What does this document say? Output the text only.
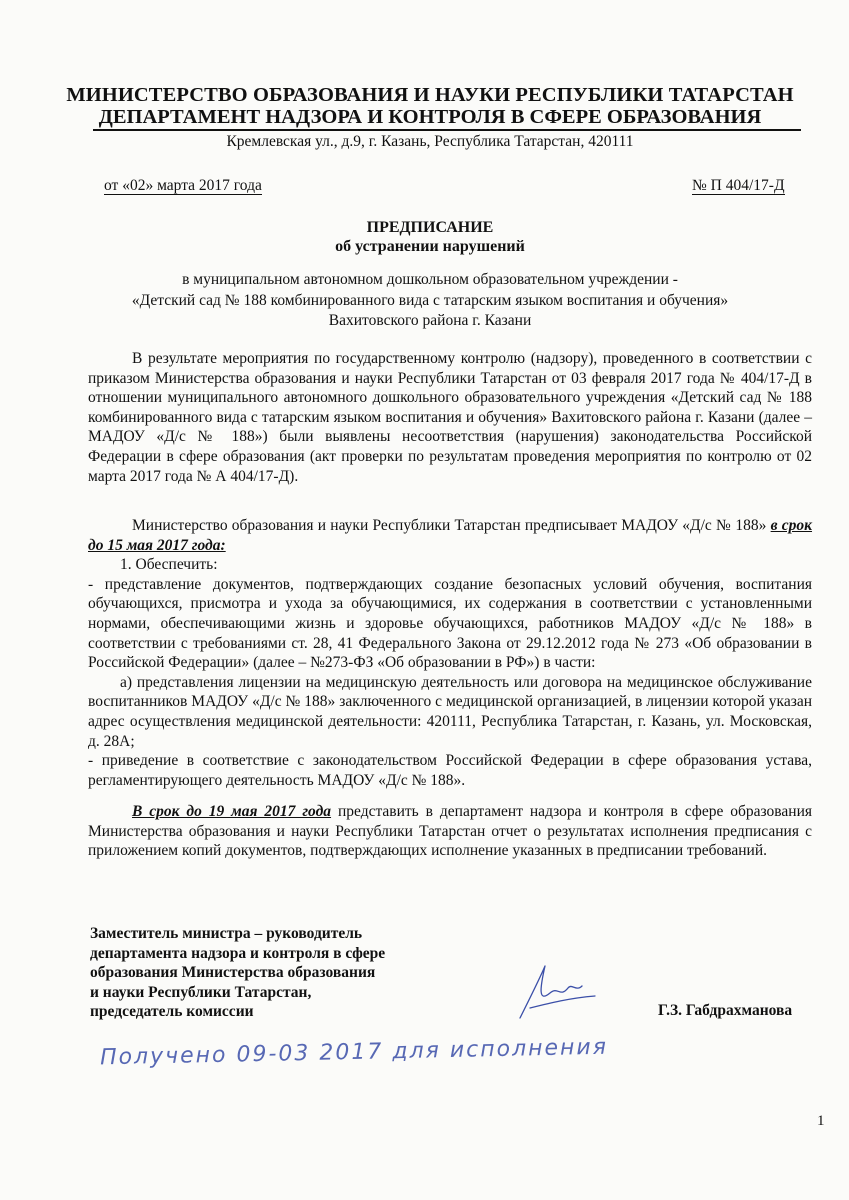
МИНИСТЕРСТВО ОБРАЗОВАНИЯ И НАУКИ РЕСПУБЛИКИ ТАТАРСТАН
ДЕПАРТАМЕНТ НАДЗОРА И КОНТРОЛЯ В СФЕРЕ ОБРАЗОВАНИЯ
Кремлевская ул., д.9, г. Казань, Республика Татарстан, 420111
от «02» марта 2017 года	№ П 404/17-Д
ПРЕДПИСАНИЕ
об устранении нарушений
в муниципальном автономном дошкольном образовательном учреждении -
«Детский сад № 188 комбинированного вида с татарским языком воспитания и обучения»
Вахитовского района г. Казани

В результате мероприятия по государственному контролю (надзору), проведенного в соответствии с приказом Министерства образования и науки Республики Татарстан от 03 февраля 2017 года № 404/17-Д в отношении муниципального автономного дошкольного образовательного учреждения «Детский сад № 188 комбинированного вида с татарским языком воспитания и обучения» Вахитовского района г. Казани (далее – МАДОУ «Д/с № 188») были выявлены несоответствия (нарушения) законодательства Российской Федерации в сфере образования (акт проверки по результатам проведения мероприятия по контролю от 02 марта 2017 года № А 404/17-Д).

Министерство образования и науки Республики Татарстан предписывает МАДОУ «Д/с № 188» в срок до 15 мая 2017 года:

1. Обеспечить:

- представление документов, подтверждающих создание безопасных условий обучения, воспитания обучающихся, присмотра и ухода за обучающимися, их содержания в соответствии с установленными нормами, обеспечивающими жизнь и здоровье обучающихся, работников МАДОУ «Д/с № 188» в соответствии с требованиями ст. 28, 41 Федерального Закона от 29.12.2012 года № 273 «Об образовании в Российской Федерации» (далее – №273-ФЗ «Об образовании в РФ») в части:

а) представления лицензии на медицинскую деятельность или договора на медицинское обслуживание воспитанников МАДОУ «Д/с № 188» заключенного с медицинской организацией, в лицензии которой указан адрес осуществления медицинской деятельности: 420111, Республика Татарстан, г. Казань, ул. Московская, д. 28А;

- приведение в соответствие с законодательством Российской Федерации в сфере образования устава, регламентирующего деятельность МАДОУ «Д/с № 188».

В срок до 19 мая 2017 года представить в департамент надзора и контроля в сфере образования Министерства образования и науки Республики Татарстан отчет о результатах исполнения предписания с приложением копий документов, подтверждающих исполнение указанных в предписании требований.

Заместитель министра – руководитель
департамента надзора и контроля в сфере
образования Министерства образования
и науки Республики Татарстан,
председатель комиссии	Г.З. Габдрахманова
Получено 09-03 2017 для исполнения
1
